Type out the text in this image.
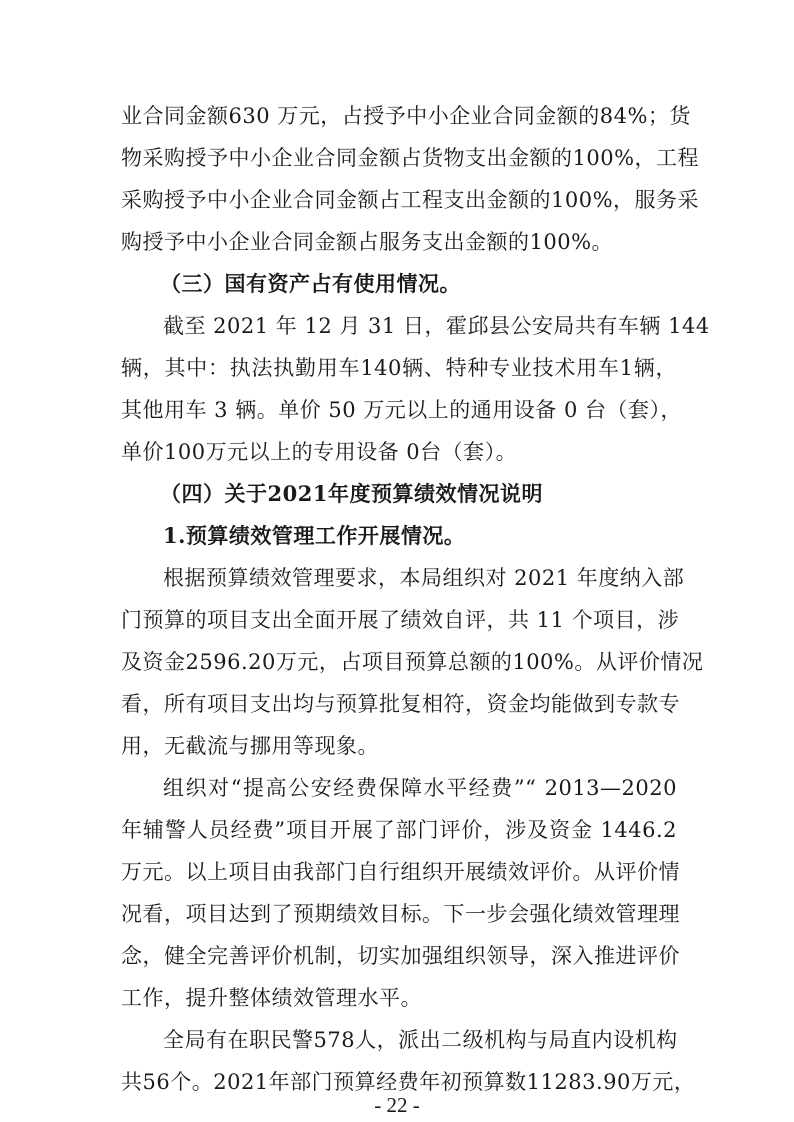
业合同金额630 万元，占授予中小企业合同金额的84%；货
物采购授予中小企业合同金额占货物支出金额的100%，工程
采购授予中小企业合同金额占工程支出金额的100%，服务采
购授予中小企业合同金额占服务支出金额的100%。
（三）国有资产占有使用情况。
截至 2021 年 12 月 31 日，霍邱县公安局共有车辆 144
辆，其中：执法执勤用车140辆、特种专业技术用车1辆，
其他用车 3 辆。单价 50 万元以上的通用设备 0 台（套），
单价100万元以上的专用设备 0台（套）。
（四）关于2021年度预算绩效情况说明
1.预算绩效管理工作开展情况。
根据预算绩效管理要求，本局组织对 2021 年度纳入部
门预算的项目支出全面开展了绩效自评，共 11 个项目，涉
及资金2596.20万元，占项目预算总额的100%。从评价情况
看，所有项目支出均与预算批复相符，资金均能做到专款专
用，无截流与挪用等现象。
组织对“提高公安经费保障水平经费”“ 2013—2020
年辅警人员经费”项目开展了部门评价，涉及资金 1446.2
万元。以上项目由我部门自行组织开展绩效评价。从评价情
况看，项目达到了预期绩效目标。下一步会强化绩效管理理
念，健全完善评价机制，切实加强组织领导，深入推进评价
工作，提升整体绩效管理水平。
全局有在职民警578人，派出二级机构与局直内设机构
共56个。2021年部门预算经费年初预算数11283.90万元，
- 22 -
